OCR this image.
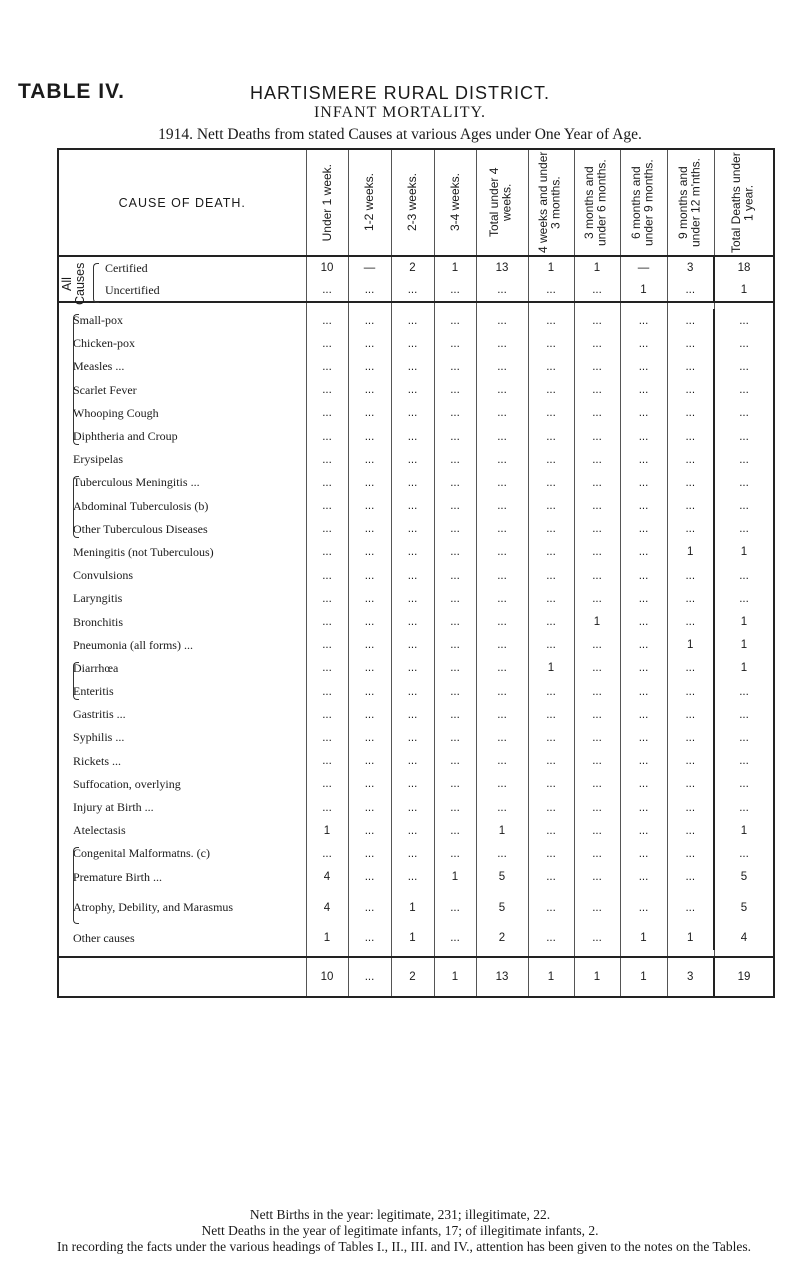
TABLE IV.	HARTISMERE RURAL DISTRICT.
INFANT MORTALITY.
1914. Nett Deaths from stated Causes at various Ages under One Year of Age.
CAUSE OF DEATH.	Under 1 week.	1-2 weeks.	2-3 weeks.	3-4 weeks.	Total under 4 weeks.	4 weeks and under 3 months.	3 months and under 6 months.	6 months and under 9 months.	9 months and under 12 m'nths.	Total Deaths under 1 year.

All Causes Certified	10	—	2	1	13	1	1	—	3	18
Uncertified	...	...	...	...	...	...	...	1	...	1

Small-pox	...	...	...	...	...	...	...	...	...	...
Chicken-pox	...	...	...	...	...	...	...	...	...	...
Measles ...	...	...	...	...	...	...	...	...	...	...
Scarlet Fever	...	...	...	...	...	...	...	...	...	...
Whooping Cough	...	...	...	...	...	...	...	...	...	...
Diphtheria and Croup	...	...	...	...	...	...	...	...	...	...
Erysipelas	...	...	...	...	...	...	...	...	...	...

Tuberculous Meningitis ...	...	...	...	...	...	...	...	...	...	...
Abdominal Tuberculosis (b)	...	...	...	...	...	...	...	...	...	...
Other Tuberculous Diseases	...	...	...	...	...	...	...	...	...	...
Meningitis (not Tuberculous)	...	...	...	...	...	...	...	...	1	1
Convulsions	...	...	...	...	...	...	...	...	...	...
Laryngitis	...	...	...	...	...	...	...	...	...	...
Bronchitis	...	...	...	...	...	...	1	...	...	1
Pneumonia (all forms) ...	...	...	...	...	...	...	...	...	1	1

Diarrhœa	...	...	...	...	...	1	...	...	...	1
Enteritis	...	...	...	...	...	...	...	...	...	...
Gastritis ...	...	...	...	...	...	...	...	...	...	...
Syphilis ...	...	...	...	...	...	...	...	...	...	...
Rickets ...	...	...	...	...	...	...	...	...	...	...
Suffocation, overlying	...	...	...	...	...	...	...	...	...	...
Injury at Birth ...	...	...	...	...	...	...	...	...	...	...
Atelectasis	1	...	...	...	1	...	...	...	...	1

Congenital Malformatns. (c)	...	...	...	...	...	...	...	...	...	...
Premature Birth ...	4	...	...	1	5	...	...	...	...	5
Atrophy, Debility, and Marasmus	4	...	1	...	5	...	...	...	...	5
Other causes	1	...	1	...	2	...	...	1	1	4

	10	...	2	1	13	1	1	1	3	19
Nett Births in the year: legitimate, 231; illegitimate, 22.
Nett Deaths in the year of legitimate infants, 17; of illegitimate infants, 2.
In recording the facts under the various headings of Tables I., II., III. and IV., attention has been given to the notes on the Tables.
